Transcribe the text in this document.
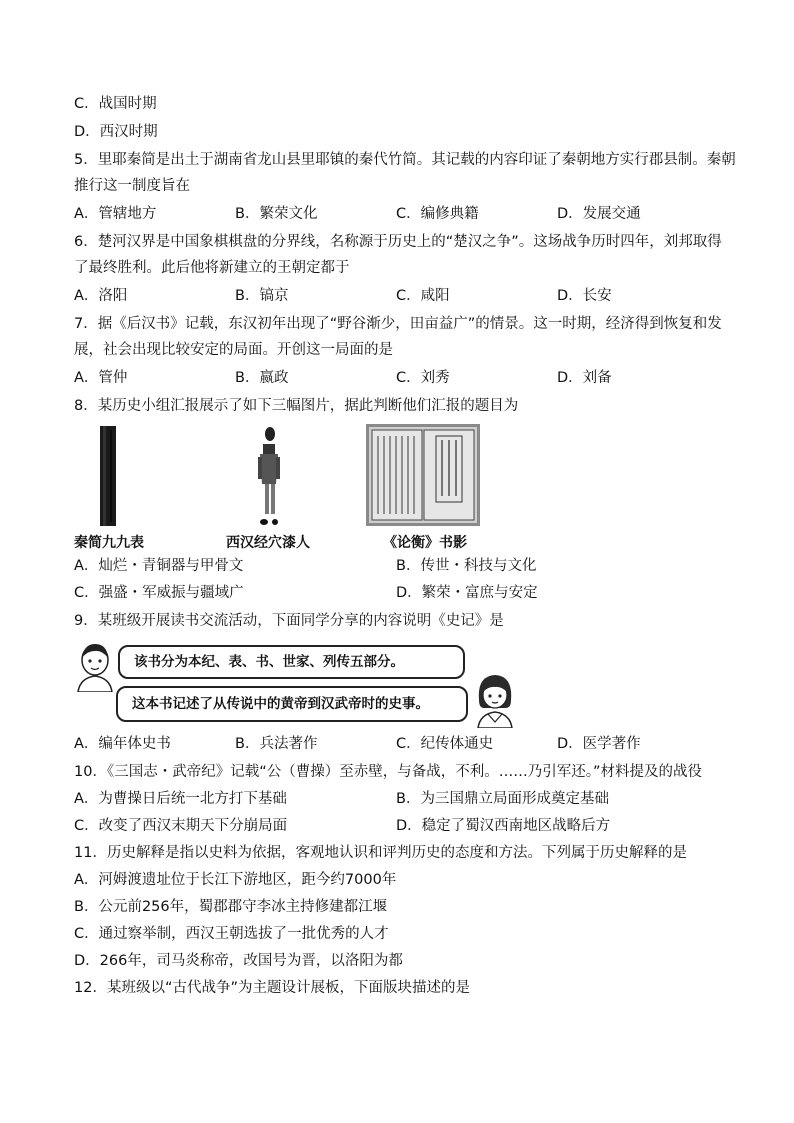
C．战国时期
D．西汉时期
5．里耶秦简是出土于湖南省龙山县里耶镇的秦代竹简。其记载的内容印证了秦朝地方实行郡县制。秦朝
推行这一制度旨在
A．管辖地方	B．繁荣文化	C．编修典籍	D．发展交通
6．楚河汉界是中国象棋棋盘的分界线，名称源于历史上的“楚汉之争”。这场战争历时四年，刘邦取得
了最终胜利。此后他将新建立的王朝定都于
A．洛阳	B．镐京	C．咸阳	D．长安
7．据《后汉书》记载，东汉初年出现了“野谷渐少，田亩益广”的情景。这一时期，经济得到恢复和发
展，社会出现比较安定的局面。开创这一局面的是
A．管仲	B．嬴政	C．刘秀	D．刘备
8．某历史小组汇报展示了如下三幅图片，据此判断他们汇报的题目为
秦简九九表	西汉经穴漆人	《论衡》书影
A．灿烂・青铜器与甲骨文	B．传世・科技与文化
C．强盛・军威振与疆域广	D．繁荣・富庶与安定
9．某班级开展读书交流活动，下面同学分享的内容说明《史记》是
该书分为本纪、表、书、世家、列传五部分。
这本书记述了从传说中的黄帝到汉武帝时的史事。
A．编年体史书	B．兵法著作	C．纪传体通史	D．医学著作
10．《三国志・武帝纪》记载“公（曹操）至赤壁，与备战，不利。……乃引军还。”材料提及的战役
A．为曹操日后统一北方打下基础	B．为三国鼎立局面形成奠定基础
C．改变了西汉末期天下分崩局面	D．稳定了蜀汉西南地区战略后方
11．历史解释是指以史料为依据，客观地认识和评判历史的态度和方法。下列属于历史解释的是
A．河姆渡遗址位于长江下游地区，距今约7000年
B．公元前256年，蜀郡郡守李冰主持修建都江堰
C．通过察举制，西汉王朝选拔了一批优秀的人才
D．266年，司马炎称帝，改国号为晋，以洛阳为都
12．某班级以“古代战争”为主题设计展板，下面版块描述的是
